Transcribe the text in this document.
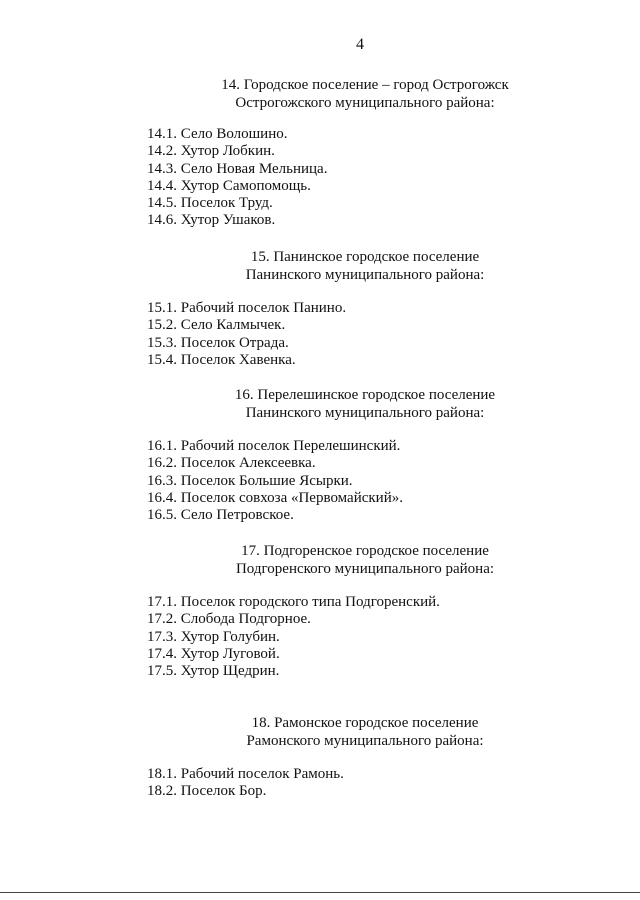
4
14. Городское поселение – город Острогожск
Острогожского муниципального района:
14.1. Село Волошино.
14.2. Хутор Лобкин.
14.3. Село Новая Мельница.
14.4. Хутор Самопомощь.
14.5. Поселок Труд.
14.6. Хутор Ушаков.
15. Панинское городское поселение
Панинского муниципального района:
15.1. Рабочий поселок Панино.
15.2. Село Калмычек.
15.3. Поселок Отрада.
15.4. Поселок Хавенка.
16. Перелешинское городское поселение
Панинского муниципального района:
16.1. Рабочий поселок Перелешинский.
16.2. Поселок Алексеевка.
16.3. Поселок Большие Ясырки.
16.4. Поселок совхоза «Первомайский».
16.5. Село Петровское.
17. Подгоренское городское поселение
Подгоренского муниципального района:
17.1. Поселок городского типа Подгоренский.
17.2. Слобода Подгорное.
17.3. Хутор Голубин.
17.4. Хутор Луговой.
17.5. Хутор Щедрин.
18. Рамонское городское поселение
Рамонского муниципального района:
18.1. Рабочий поселок Рамонь.
18.2. Поселок Бор.
